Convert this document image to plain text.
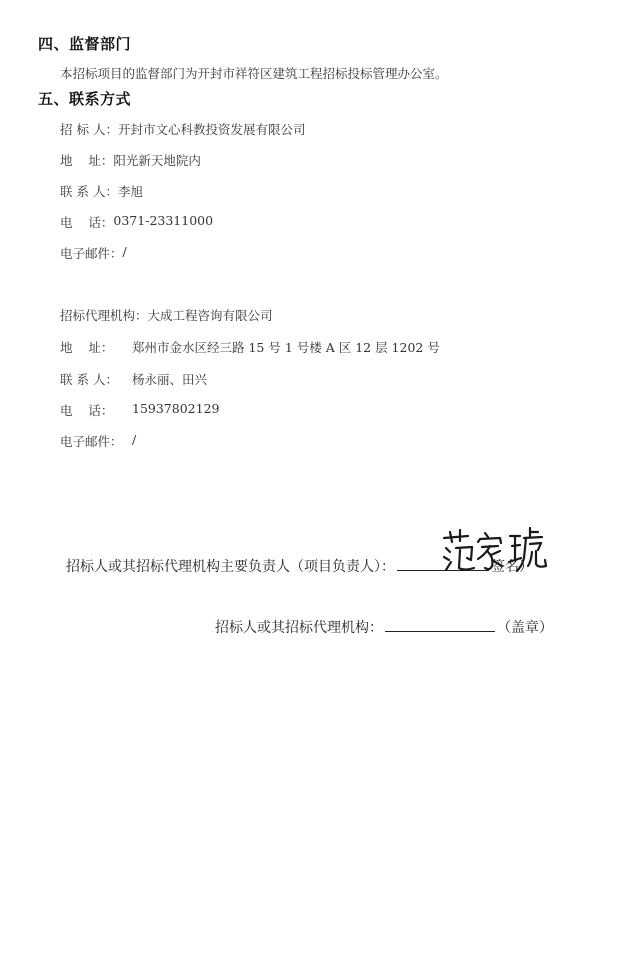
四、监督部门
本招标项目的监督部门为开封市祥符区建筑工程招标投标管理办公室。
五、联系方式
招 标 人： 开封市文心科教投资发展有限公司
地    址： 阳光新天地院内
联 系 人： 李旭
电    话： 0371-23311000
电子邮件： /
招标代理机构： 大成工程咨询有限公司
地    址：	郑州市金水区经三路 15 号 1 号楼 A 区 12 层 1202 号
联 系 人：	杨永丽、田兴
电    话：	15937802129
电子邮件： /
招标人或其招标代理机构主要负责人（项目负责人）：	签名）
招标人或其招标代理机构：	（盖章）
